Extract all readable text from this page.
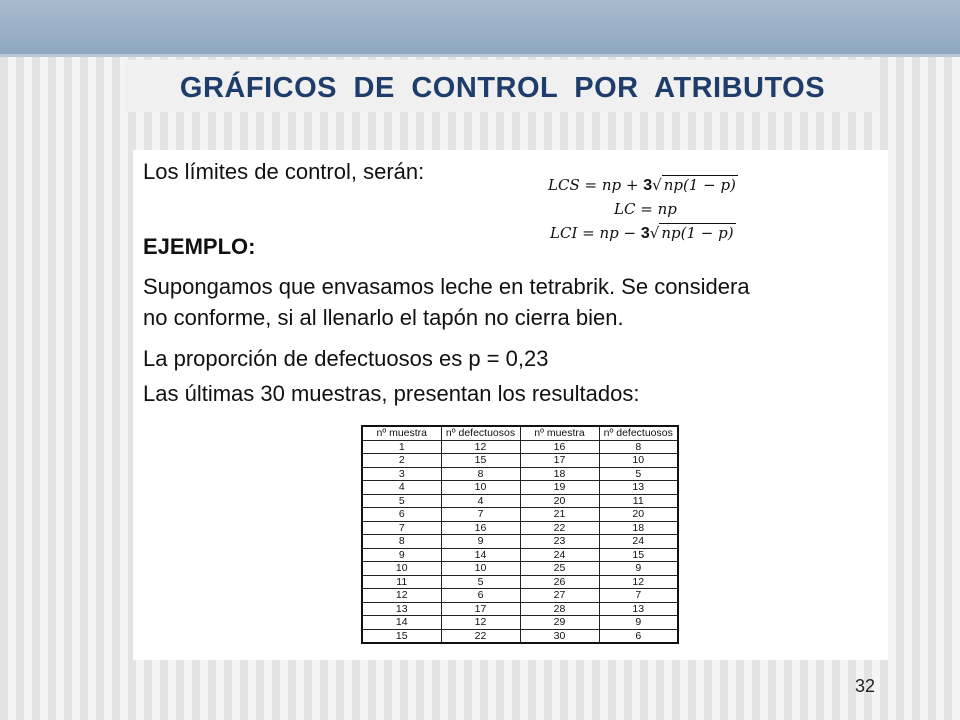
GRÁFICOS DE CONTROL POR ATRIBUTOS
Los límites de control, serán:
LCS = np + 3√ np(1 − p)
LC = np
LCI = np − 3√ np(1 − p)
EJEMPLO:
Supongamos que envasamos leche en tetrabrik. Se considera
no conforme, si al llenarlo el tapón no cierra bien.
La proporción de defectuosos es p = 0,23
Las últimas 30 muestras, presentan los resultados:
nº muestra	nº defectuosos	nº muestra	nº defectuosos
1	12	16	8
2	15	17	10
3	8	18	5
4	10	19	13
5	4	20	11
6	7	21	20
7	16	22	18
8	9	23	24
9	14	24	15
10	10	25	9
11	5	26	12
12	6	27	7
13	17	28	13
14	12	29	9
15	22	30	6
32
